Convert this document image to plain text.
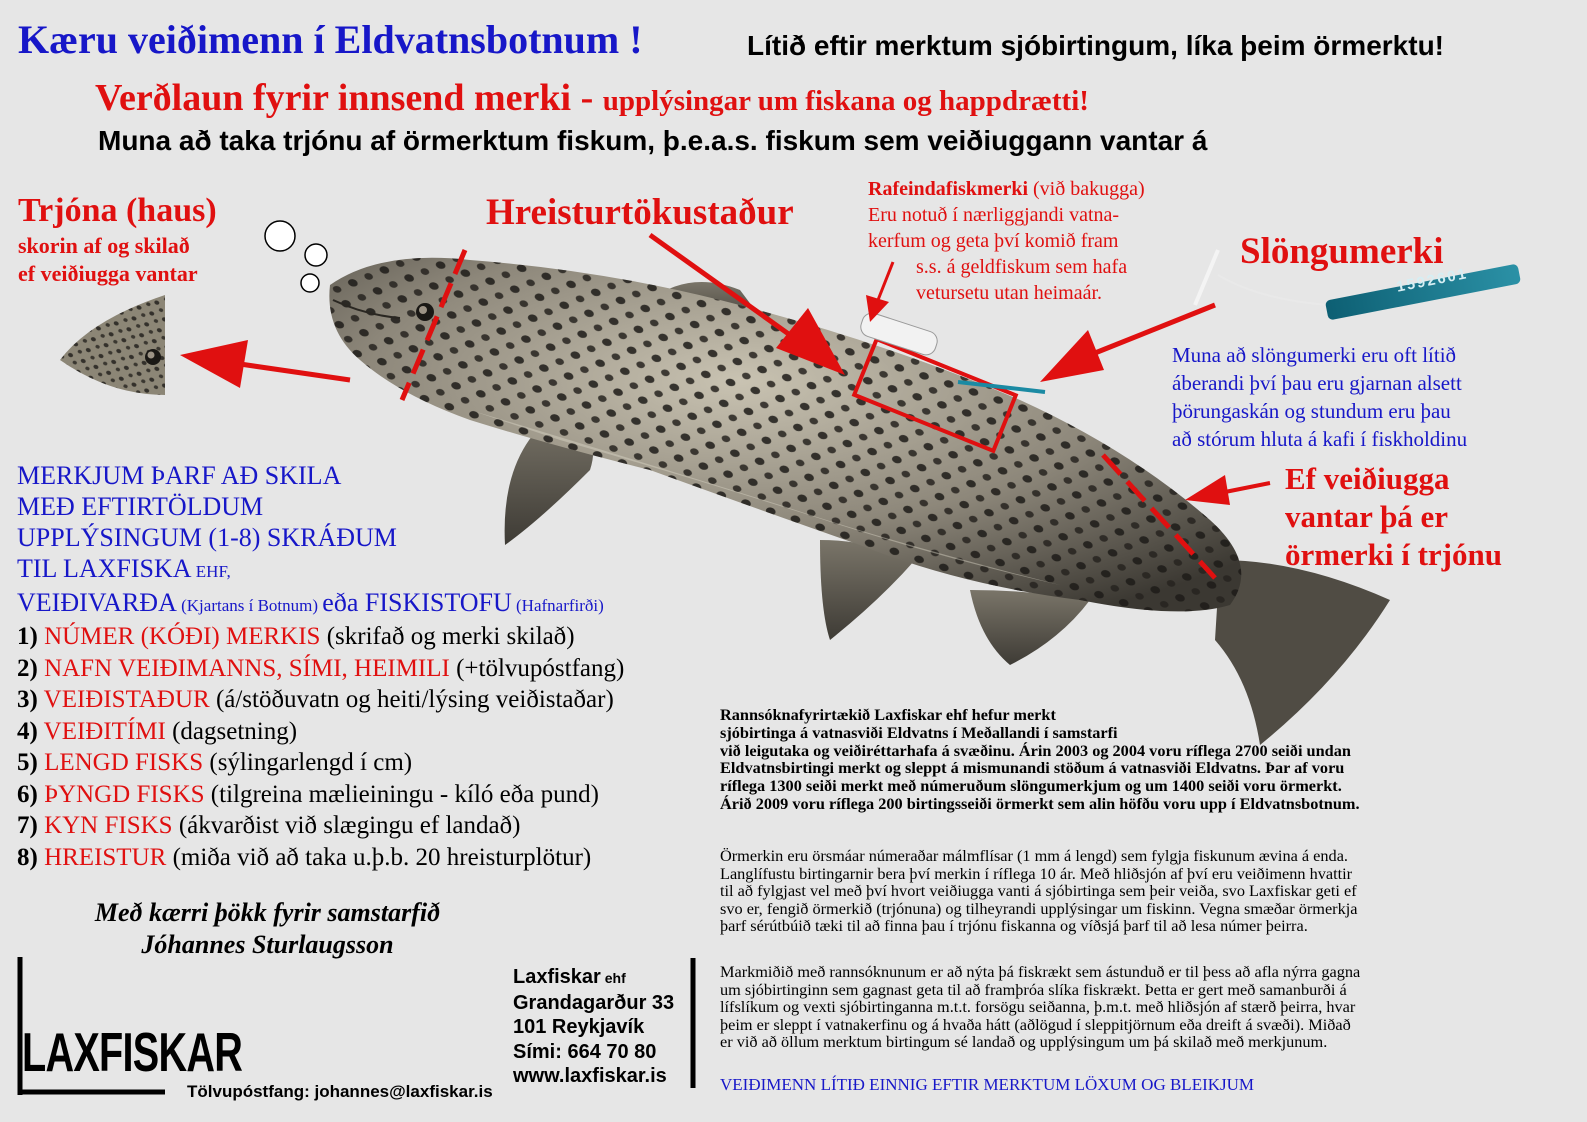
Kæru veiðimenn í Eldvatnsbotnum !	Lítið eftir merktum sjóbirtingum, líka þeim örmerktu!
Verðlaun fyrir innsend merki - upplýsingar um fiskana og happdrætti!
Muna að taka trjónu af örmerktum fiskum, þ.e.a.s. fiskum sem veiðiuggann vantar á
Trjóna (haus)
skorin af og skilað
ef veiðiugga vantar
Hreisturtökustaður
Rafeindafiskmerki (við bakugga)
Eru notuð í nærliggjandi vatna-
kerfum og geta því komið fram
s.s. á geldfiskum sem hafa
vetursetu utan heimaár.
Slöngumerki
1592601
Muna að slöngumerki eru oft lítið
áberandi því þau eru gjarnan alsett
þörungaskán og stundum eru þau
að stórum hluta á kafi í fiskholdinu
Ef veiðiugga
vantar þá er
örmerki í trjónu
MERKJUM ÞARF AÐ SKILA
MEÐ EFTIRTÖLDUM
UPPLÝSINGUM (1-8) SKRÁÐUM
TIL LAXFISKA EHF,
VEIÐIVARÐA (Kjartans í Botnum) eða FISKISTOFU (Hafnarfirði)
1) NÚMER (KÓÐI) MERKIS (skrifað og merki skilað)
2) NAFN VEIÐIMANNS, SÍMI, HEIMILI (+tölvupóstfang)
3) VEIÐISTAÐUR (á/stöðuvatn og heiti/lýsing veiðistaðar)
4) VEIÐITÍMI (dagsetning)
5) LENGD FISKS (sýlingarlengd í cm)
6) ÞYNGD FISKS (tilgreina mælieiningu - kíló eða pund)
7) KYN FISKS (ákvarðist við slægingu ef landað)
8) HREISTUR (miða við að taka u.þ.b. 20 hreisturplötur)
Með kærri þökk fyrir samstarfið
Jóhannes Sturlaugsson
LAXFISKAR
Tölvupóstfang: johannes@laxfiskar.is
Laxfiskar ehf
Grandagarður 33
101 Reykjavík
Sími: 664 70 80
www.laxfiskar.is
Rannsóknafyrirtækið Laxfiskar ehf hefur merkt
sjóbirtinga á vatnasviði Eldvatns í Meðallandi í samstarfi
við leigutaka og veiðiréttarhafa á svæðinu. Árin 2003 og 2004 voru ríflega 2700 seiði undan
Eldvatnsbirtingi merkt og sleppt á mismunandi stöðum á vatnasviði Eldvatns. Þar af voru
ríflega 1300 seiði merkt með númeruðum slöngumerkjum og um 1400 seiði voru örmerkt.
Árið 2009 voru ríflega 200 birtingsseiði örmerkt sem alin höfðu voru upp í Eldvatnsbotnum.
Örmerkin eru örsmáar númeraðar málmflísar (1 mm á lengd) sem fylgja fiskunum ævina á enda.
Langlífustu birtingarnir bera því merkin í ríflega 10 ár. Með hliðsjón af því eru veiðimenn hvattir
til að fylgjast vel með því hvort veiðiugga vanti á sjóbirtinga sem þeir veiða, svo Laxfiskar geti ef
svo er, fengið örmerkið (trjónuna) og tilheyrandi upplýsingar um fiskinn. Vegna smæðar örmerkja
þarf sérútbúið tæki til að finna þau í trjónu fiskanna og víðsjá þarf til að lesa númer þeirra.
Markmiðið með rannsóknunum er að nýta þá fiskrækt sem ástunduð er til þess að afla nýrra gagna
um sjóbirtinginn sem gagnast geta til að framþróa slíka fiskrækt. Þetta er gert með samanburði á
lífslíkum og vexti sjóbirtinganna m.t.t. forsögu seiðanna, þ.m.t. með hliðsjón af stærð þeirra, hvar
þeim er sleppt í vatnakerfinu og á hvaða hátt (aðlögud í sleppitjörnum eða dreift á svæði). Miðað
er við að öllum merktum birtingum sé landað og upplýsingum um þá skilað með merkjunum.
VEIÐIMENN LÍTIÐ EINNIG EFTIR MERKTUM LÖXUM OG BLEIKJUM
